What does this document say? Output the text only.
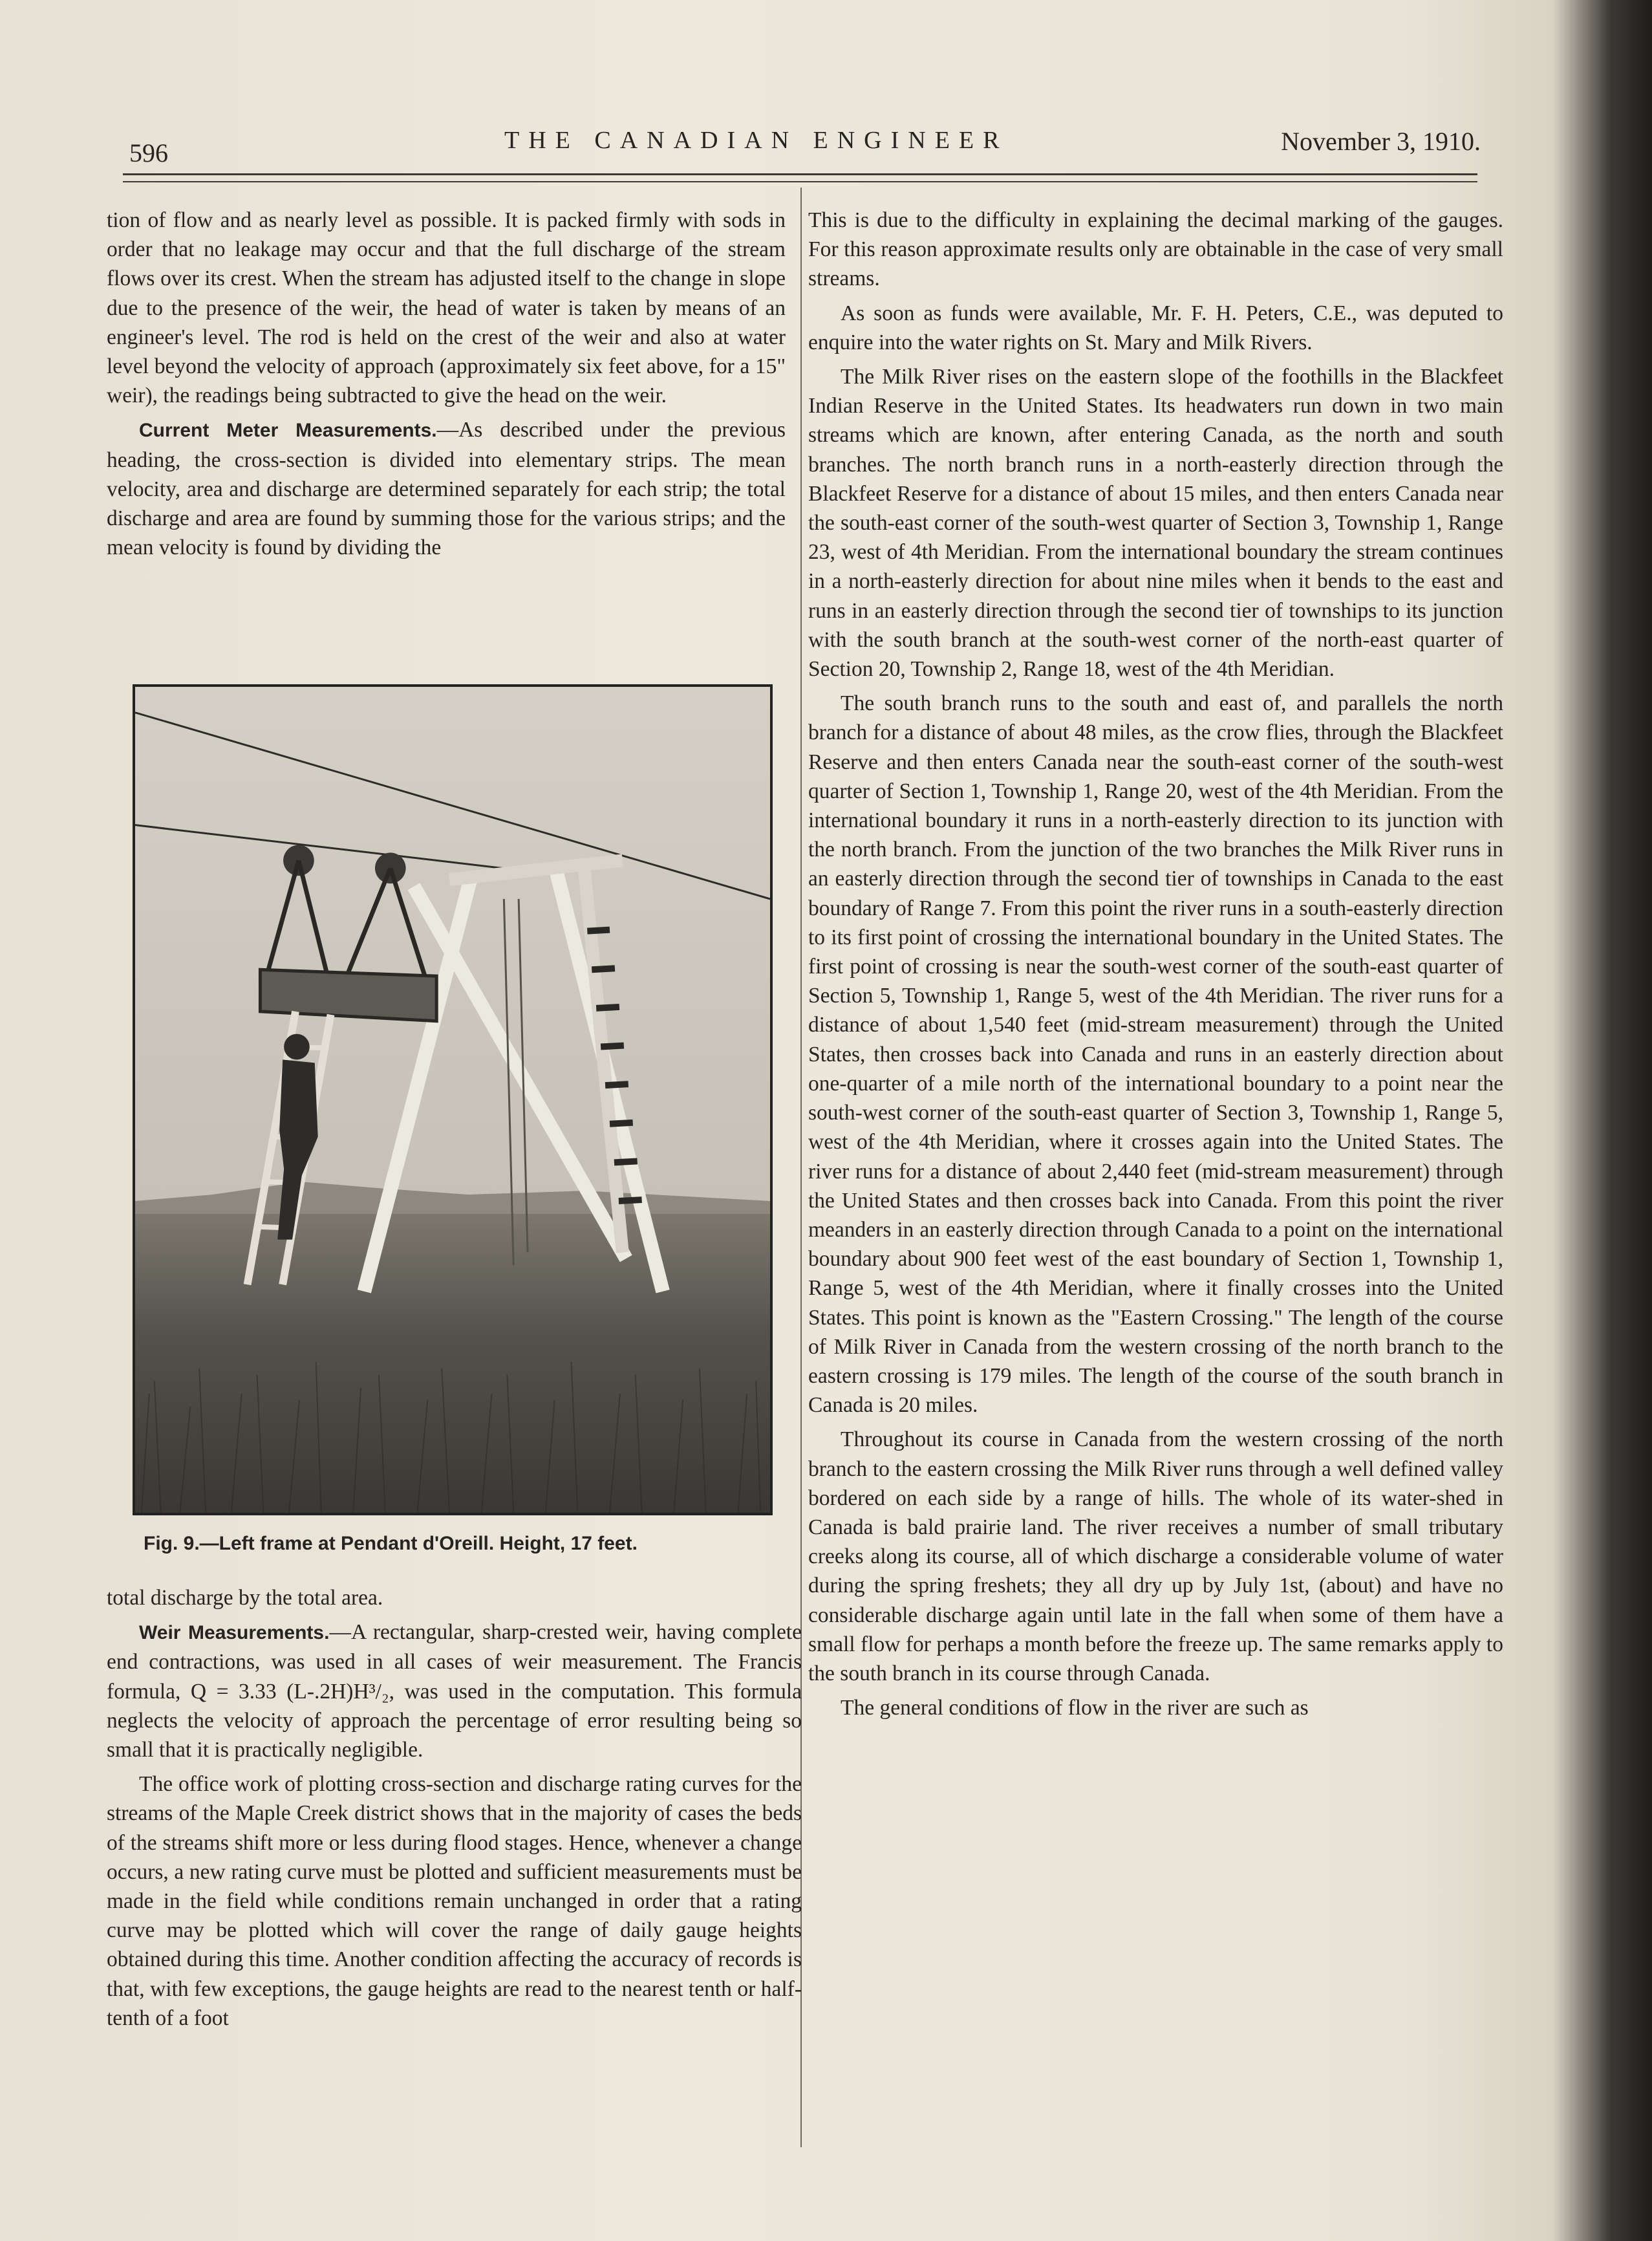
596	THE CANADIAN ENGINEER	November 3, 1910.

tion of flow and as nearly level as possible. It is packed firmly with sods in order that no leakage may occur and that the full discharge of the stream flows over its crest. When the stream has adjusted itself to the change in slope due to the presence of the weir, the head of water is taken by means of an engineer's level. The rod is held on the crest of the weir and also at water level beyond the velocity of approach (approximately six feet above, for a 15" weir), the readings being subtracted to give the head on the weir.

Current Meter Measurements.—As described under the previous heading, the cross-section is divided into elementary strips. The mean velocity, area and discharge are determined separately for each strip; the total discharge and area are found by summing those for the various strips; and the mean velocity is found by dividing the

Fig. 9.—Left frame at Pendant d'Oreill. Height, 17 feet.

total discharge by the total area.

Weir Measurements.—A rectangular, sharp-crested weir, having complete end contractions, was used in all cases of weir measurement. The Francis formula, Q = 3.33 (L-.2H)H³/₂, was used in the computation. This formula neglects the velocity of approach the percentage of error resulting being so small that it is practically negligible.

The office work of plotting cross-section and discharge rating curves for the streams of the Maple Creek district shows that in the majority of cases the beds of the streams shift more or less during flood stages. Hence, whenever a change occurs, a new rating curve must be plotted and sufficient measurements must be made in the field while conditions remain unchanged in order that a rating curve may be plotted which will cover the range of daily gauge heights obtained during this time. Another condition affecting the accuracy of records is that, with few exceptions, the gauge heights are read to the nearest tenth or half-tenth of a foot

This is due to the difficulty in explaining the decimal marking of the gauges. For this reason approximate results only are obtainable in the case of very small streams.

As soon as funds were available, Mr. F. H. Peters, C.E., was deputed to enquire into the water rights on St. Mary and Milk Rivers.

The Milk River rises on the eastern slope of the foothills in the Blackfeet Indian Reserve in the United States. Its headwaters run down in two main streams which are known, after entering Canada, as the north and south branches. The north branch runs in a north-easterly direction through the Blackfeet Reserve for a distance of about 15 miles, and then enters Canada near the south-east corner of the south-west quarter of Section 3, Township 1, Range 23, west of 4th Meridian. From the international boundary the stream continues in a north-easterly direction for about nine miles when it bends to the east and runs in an easterly direction through the second tier of townships to its junction with the south branch at the south-west corner of the north-east quarter of Section 20, Township 2, Range 18, west of the 4th Meridian.

The south branch runs to the south and east of, and parallels the north branch for a distance of about 48 miles, as the crow flies, through the Blackfeet Reserve and then enters Canada near the south-east corner of the south-west quarter of Section 1, Township 1, Range 20, west of the 4th Meridian. From the international boundary it runs in a north-easterly direction to its junction with the north branch. From the junction of the two branches the Milk River runs in an easterly direction through the second tier of townships in Canada to the east boundary of Range 7. From this point the river runs in a south-easterly direction to its first point of crossing the international boundary in the United States. The first point of crossing is near the south-west corner of the south-east quarter of Section 5, Township 1, Range 5, west of the 4th Meridian. The river runs for a distance of about 1,540 feet (mid-stream measurement) through the United States, then crosses back into Canada and runs in an easterly direction about one-quarter of a mile north of the international boundary to a point near the south-west corner of the south-east quarter of Section 3, Township 1, Range 5, west of the 4th Meridian, where it crosses again into the United States. The river runs for a distance of about 2,440 feet (mid-stream measurement) through the United States and then crosses back into Canada. From this point the river meanders in an easterly direction through Canada to a point on the international boundary about 900 feet west of the east boundary of Section 1, Township 1, Range 5, west of the 4th Meridian, where it finally crosses into the United States. This point is known as the "Eastern Crossing." The length of the course of Milk River in Canada from the western crossing of the north branch to the eastern crossing is 179 miles. The length of the course of the south branch in Canada is 20 miles.

Throughout its course in Canada from the western crossing of the north branch to the eastern crossing the Milk River runs through a well defined valley bordered on each side by a range of hills. The whole of its water-shed in Canada is bald prairie land. The river receives a number of small tributary creeks along its course, all of which discharge a considerable volume of water during the spring freshets; they all dry up by July 1st, (about) and have no considerable discharge again until late in the fall when some of them have a small flow for perhaps a month before the freeze up. The same remarks apply to the south branch in its course through Canada.

The general conditions of flow in the river are such as
